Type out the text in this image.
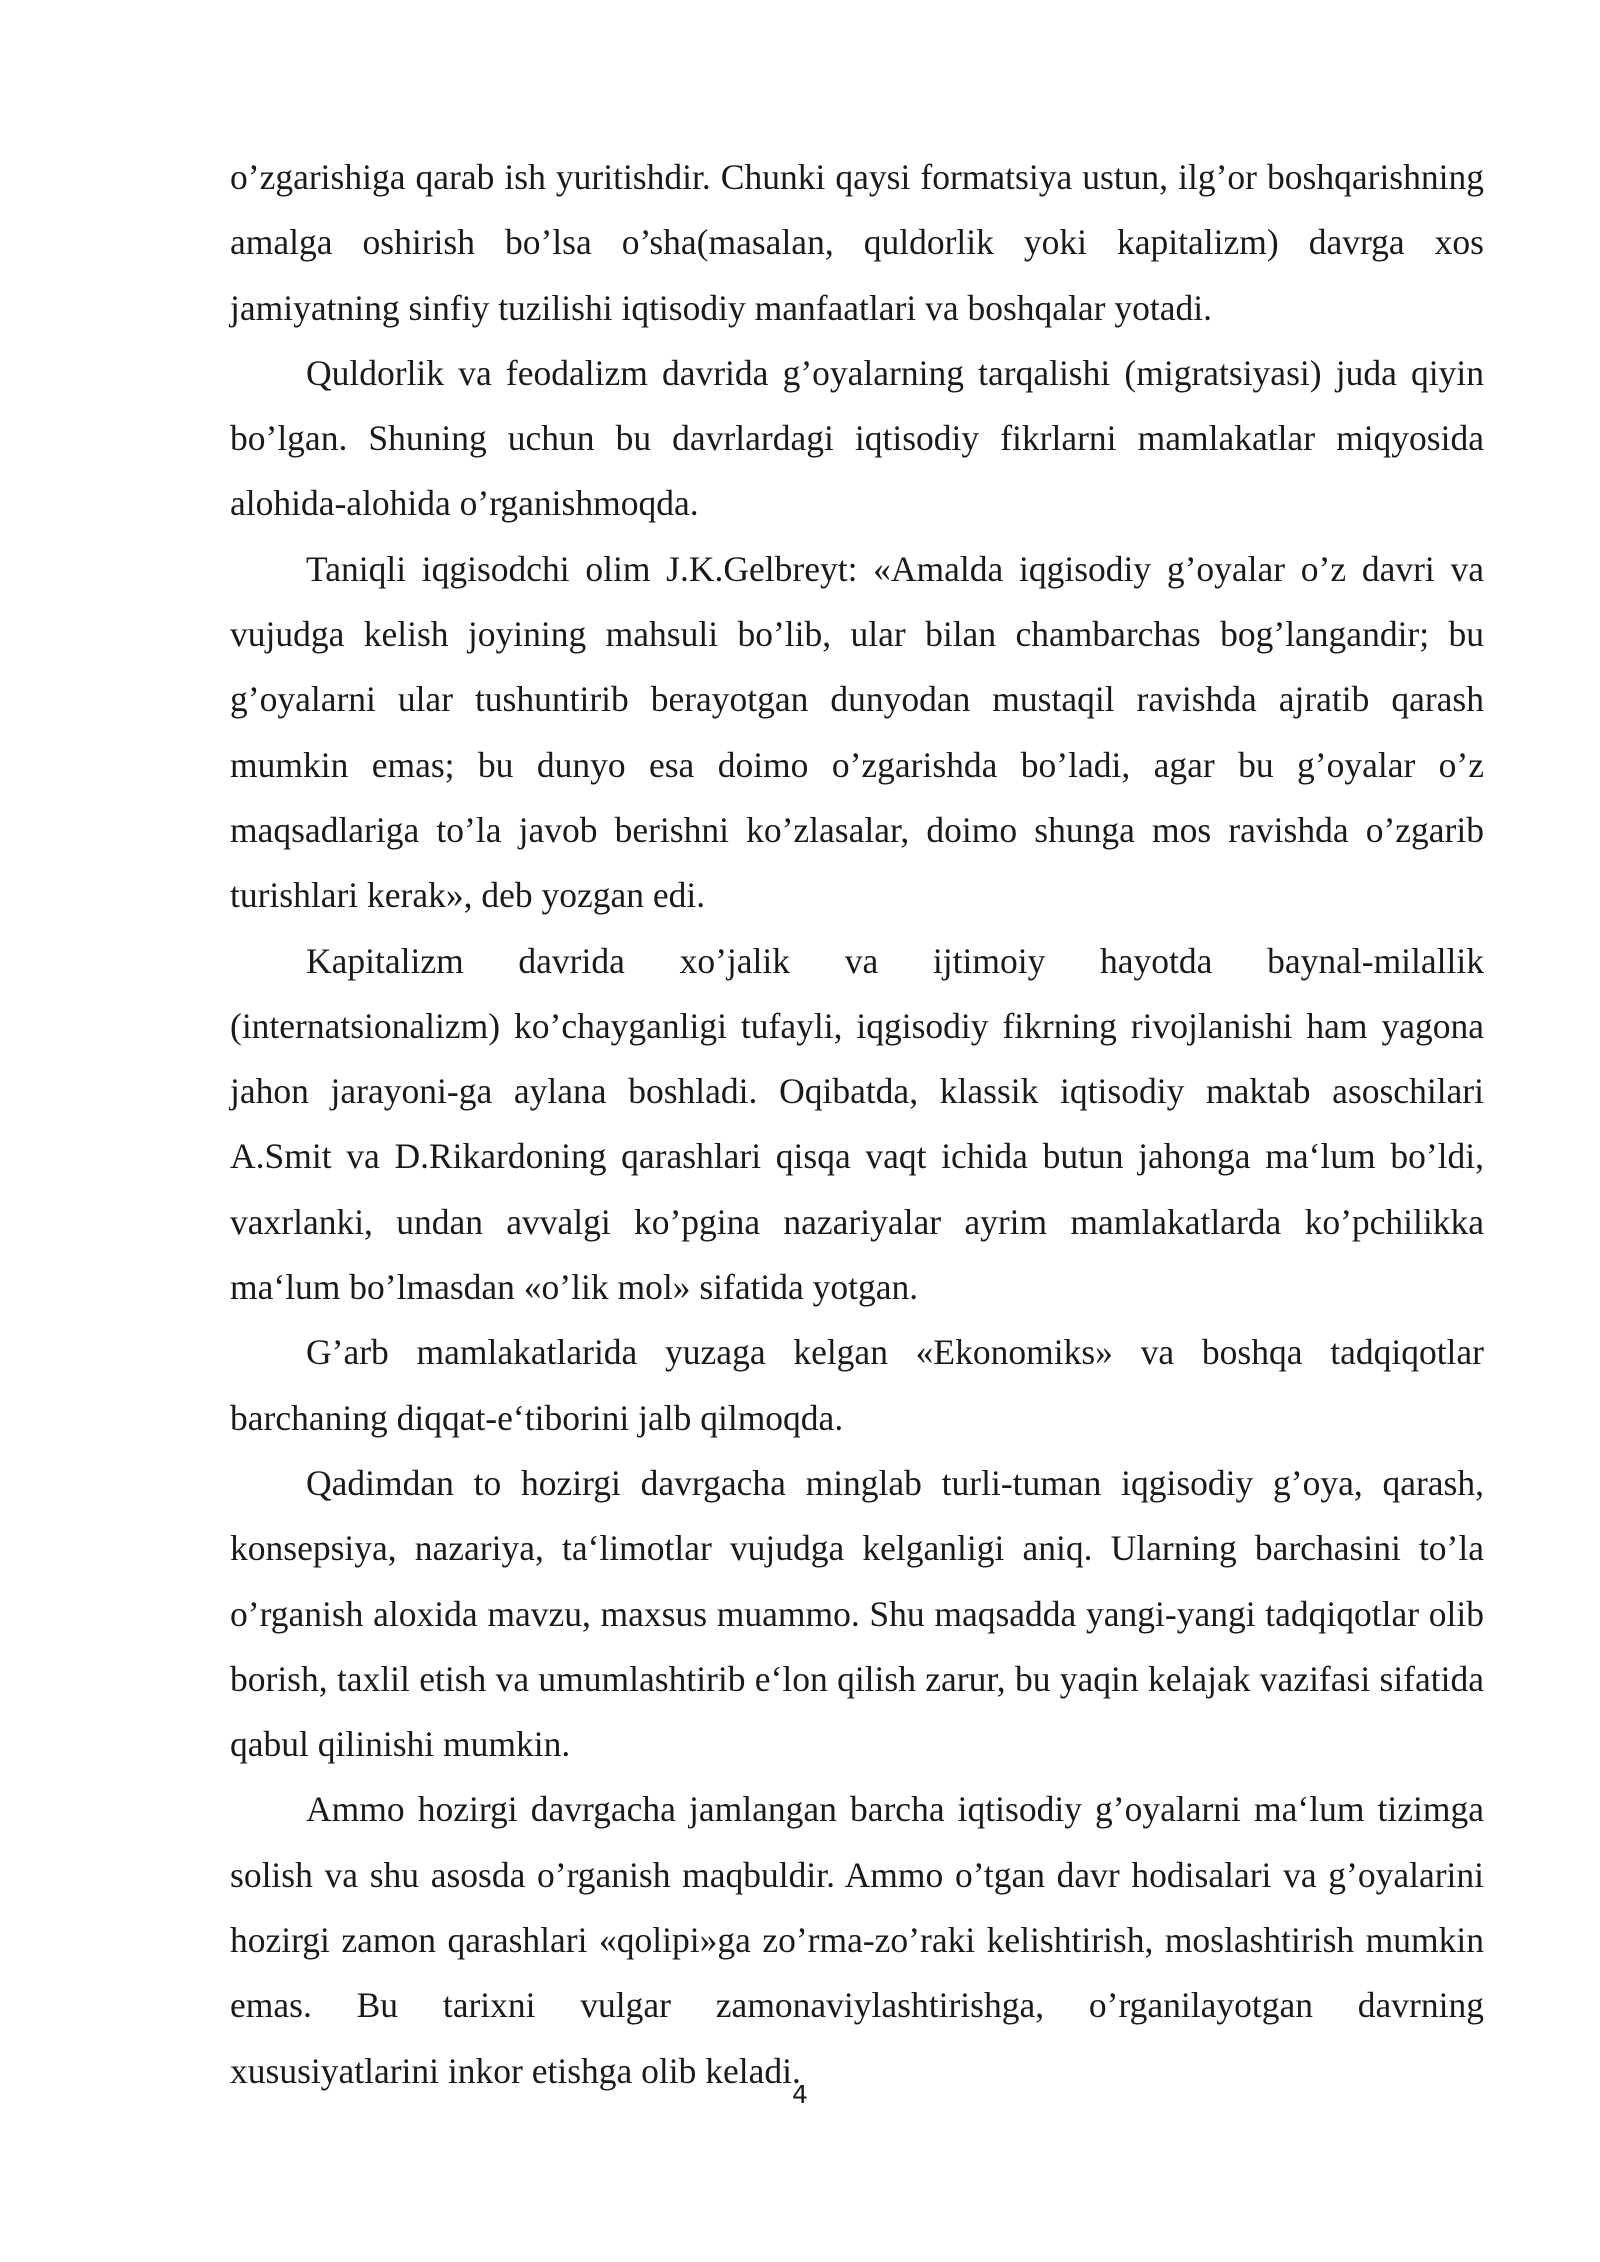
o’zgarishiga qarab ish yuritishdir. Chunki qaysi formatsiya ustun, ilg’or boshqarishning amalga oshirish bo’lsa o’sha(masalan, quldorlik yoki kapitalizm) davrga xos jamiyatning sinfiy tuzilishi iqtisodiy manfaatlari va boshqalar yotadi.

Quldorlik va feodalizm davrida g’oyalarning tarqalishi (migratsiyasi) juda qiyin bo’lgan. Shuning uchun bu davrlardagi iqtisodiy fikrlarni mamlakatlar miqyosida alohida-alohida o’rganishmoqda.

Taniqli iqgisodchi olim J.K.Gelbreyt: «Amalda iqgisodiy g’oyalar o’z davri va vujudga kelish joyining mahsuli bo’lib, ular bilan chambarchas bog’langandir; bu g’oyalarni ular tushuntirib berayotgan dunyodan mustaqil ravishda ajratib qarash mumkin emas; bu dunyo esa doimo o’zgarishda bo’ladi, agar bu g’oyalar o’z maqsadlariga to’la javob berishni ko’zlasalar, doimo shunga mos ravishda o’zgarib turishlari kerak», deb yozgan edi.

Kapitalizm davrida xo’jalik va ijtimoiy hayotda baynal-milallik (internatsionalizm) ko’chayganligi tufayli, iqgisodiy fikrning rivojlanishi ham yagona jahon jarayoni-ga aylana boshladi. Oqibatda, klassik iqtisodiy maktab asoschilari A.Smit va D.Rikardoning qarashlari qisqa vaqt ichida butun jahonga ma‘lum bo’ldi, vaxrlanki, undan avvalgi ko’pgina nazariyalar ayrim mamlakatlarda ko’pchilikka ma‘lum bo’lmasdan «o’lik mol» sifatida yotgan.

G’arb mamlakatlarida yuzaga kelgan «Ekonomiks» va boshqa tadqiqotlar barchaning diqqat-e‘tiborini jalb qilmoqda.

Qadimdan to hozirgi davrgacha minglab turli-tuman iqgisodiy g’oya, qarash, konsepsiya, nazariya, ta‘limotlar vujudga kelganligi aniq. Ularning barchasini to’la o’rganish aloxida mavzu, maxsus muammo. Shu maqsadda yangi-yangi tadqiqotlar olib borish, taxlil etish va umumlashtirib e‘lon qilish zarur, bu yaqin kelajak vazifasi sifatida qabul qilinishi mumkin.

Ammo hozirgi davrgacha jamlangan barcha iqtisodiy g’oyalarni ma‘lum tizimga solish va shu asosda o’rganish maqbuldir. Ammo o’tgan davr hodisalari va g’oyalarini hozirgi zamon qarashlari «qolipi»ga zo’rma-zo’raki kelishtirish, moslashtirish mumkin emas. Bu tarixni vulgar zamonaviylashtirishga, o’rganilayotgan davrning xususiyatlarini inkor etishga olib keladi.

4
